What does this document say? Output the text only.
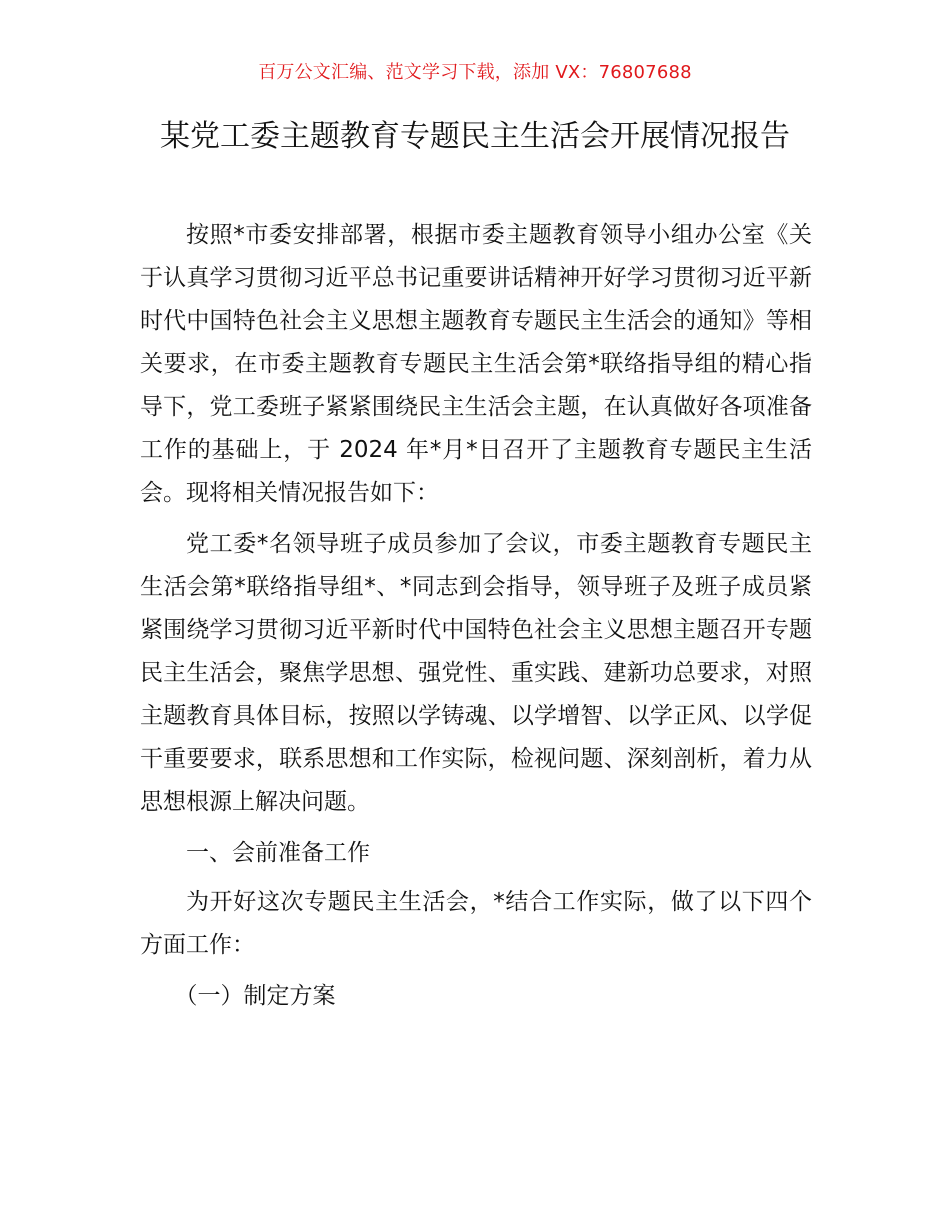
百万公文汇编、范文学习下载，添加 VX：76807688
某党工委主题教育专题民主生活会开展情况报告

按照*市委安排部署，根据市委主题教育领导小组办公室《关于认真学习贯彻习近平总书记重要讲话精神开好学习贯彻习近平新时代中国特色社会主义思想主题教育专题民主生活会的通知》等相关要求，在市委主题教育专题民主生活会第*联络指导组的精心指导下，党工委班子紧紧围绕民主生活会主题，在认真做好各项准备工作的基础上，于 2024 年*月*日召开了主题教育专题民主生活会。现将相关情况报告如下：

党工委*名领导班子成员参加了会议，市委主题教育专题民主生活会第*联络指导组*、*同志到会指导，领导班子及班子成员紧紧围绕学习贯彻习近平新时代中国特色社会主义思想主题召开专题民主生活会，聚焦学思想、强党性、重实践、建新功总要求，对照主题教育具体目标，按照以学铸魂、以学增智、以学正风、以学促干重要要求，联系思想和工作实际，检视问题、深刻剖析，着力从思想根源上解决问题。

一、会前准备工作

为开好这次专题民主生活会，*结合工作实际，做了以下四个方面工作：

（一）制定方案
